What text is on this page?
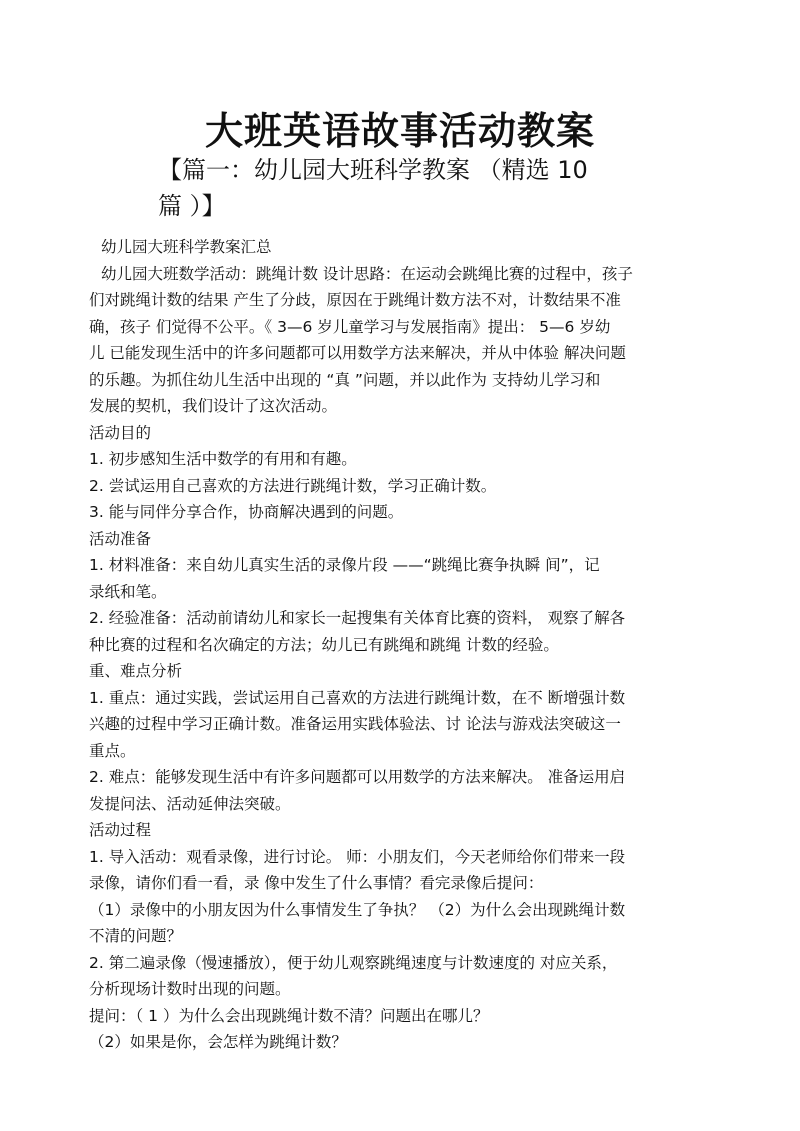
大班英语故事活动教案
【篇一：幼儿园大班科学教案 （精选 10
篇 ）】
幼儿园大班科学教案汇总
幼儿园大班数学活动：跳绳计数 设计思路：在运动会跳绳比赛的过程中，孩子
们对跳绳计数的结果 产生了分歧，原因在于跳绳计数方法不对，计数结果不准
确，孩子 们觉得不公平。《 3—6 岁儿童学习与发展指南》提出： 5—6 岁幼
儿 已能发现生活中的许多问题都可以用数学方法来解决，并从中体验 解决问题
的乐趣。为抓住幼儿生活中出现的 “真 ”问题，并以此作为 支持幼儿学习和
发展的契机，我们设计了这次活动。
活动目的
1. 初步感知生活中数学的有用和有趣。
2. 尝试运用自己喜欢的方法进行跳绳计数，学习正确计数。
3. 能与同伴分享合作，协商解决遇到的问题。
活动准备
1. 材料准备：来自幼儿真实生活的录像片段 ——“跳绳比赛争执瞬 间”，记
录纸和笔。
2. 经验准备：活动前请幼儿和家长一起搜集有关体育比赛的资料， 观察了解各
种比赛的过程和名次确定的方法；幼儿已有跳绳和跳绳 计数的经验。
重、难点分析
1. 重点：通过实践，尝试运用自己喜欢的方法进行跳绳计数，在不 断增强计数
兴趣的过程中学习正确计数。准备运用实践体验法、讨 论法与游戏法突破这一
重点。
2. 难点：能够发现生活中有许多问题都可以用数学的方法来解决。 准备运用启
发提问法、活动延伸法突破。
活动过程
1. 导入活动：观看录像，进行讨论。 师：小朋友们，今天老师给你们带来一段
录像，请你们看一看，录 像中发生了什么事情？看完录像后提问：
（1）录像中的小朋友因为什么事情发生了争执？ （2）为什么会出现跳绳计数
不清的问题？
2. 第二遍录像（慢速播放），便于幼儿观察跳绳速度与计数速度的 对应关系，
分析现场计数时出现的问题。
提问：（ 1 ）为什么会出现跳绳计数不清？问题出在哪儿？
（2）如果是你，会怎样为跳绳计数？
